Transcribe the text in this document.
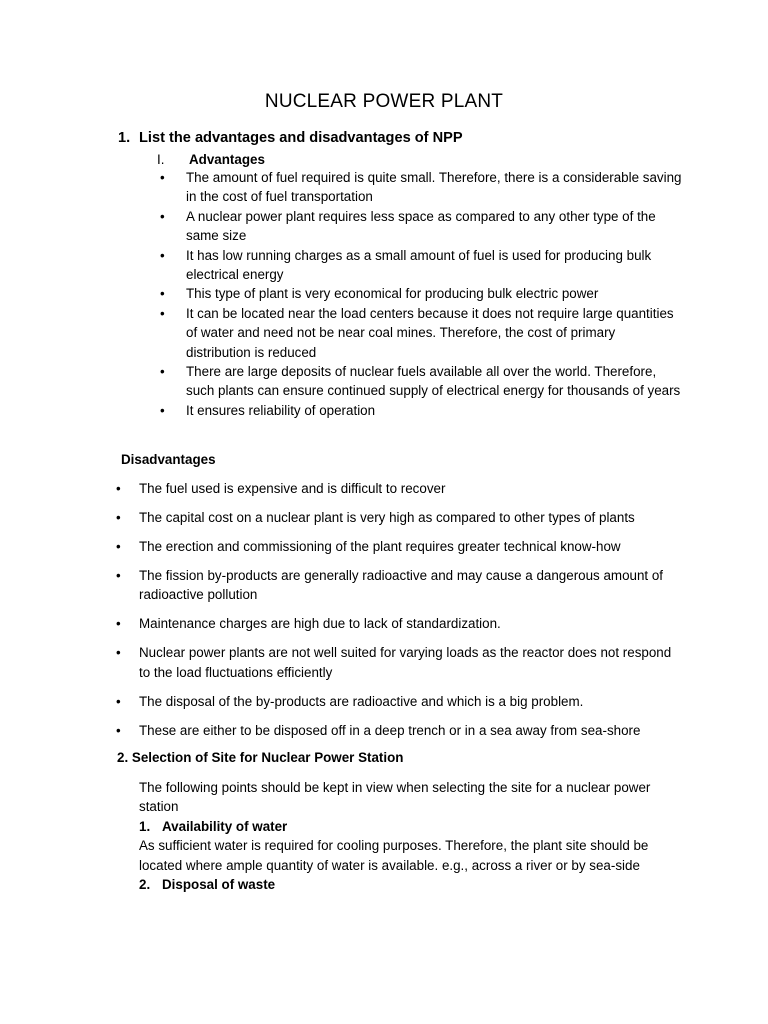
NUCLEAR POWER PLANT
1. List the advantages and disadvantages of NPP
I. Advantages
• The amount of fuel required is quite small. Therefore, there is a considerable saving in the cost of fuel transportation
• A nuclear power plant requires less space as compared to any other type of the same size
• It has low running charges as a small amount of fuel is used for producing bulk electrical energy
• This type of plant is very economical for producing bulk electric power
• It can be located near the load centers because it does not require large quantities of water and need not be near coal mines. Therefore, the cost of primary distribution is reduced
• There are large deposits of nuclear fuels available all over the world. Therefore, such plants can ensure continued supply of electrical energy for thousands of years
• It ensures reliability of operation
Disadvantages
• The fuel used is expensive and is difficult to recover
• The capital cost on a nuclear plant is very high as compared to other types of plants
• The erection and commissioning of the plant requires greater technical know-how
• The fission by-products are generally radioactive and may cause a dangerous amount of radioactive pollution
• Maintenance charges are high due to lack of standardization.
• Nuclear power plants are not well suited for varying loads as the reactor does not respond to the load fluctuations efficiently
• The disposal of the by-products are radioactive and which is a big problem.
• These are either to be disposed off in a deep trench or in a sea away from sea-shore
2. Selection of Site for Nuclear Power Station
The following points should be kept in view when selecting the site for a nuclear power station
1. Availability of water
As sufficient water is required for cooling purposes. Therefore, the plant site should be located where ample quantity of water is available. e.g., across a river or by sea-side
2. Disposal of waste
